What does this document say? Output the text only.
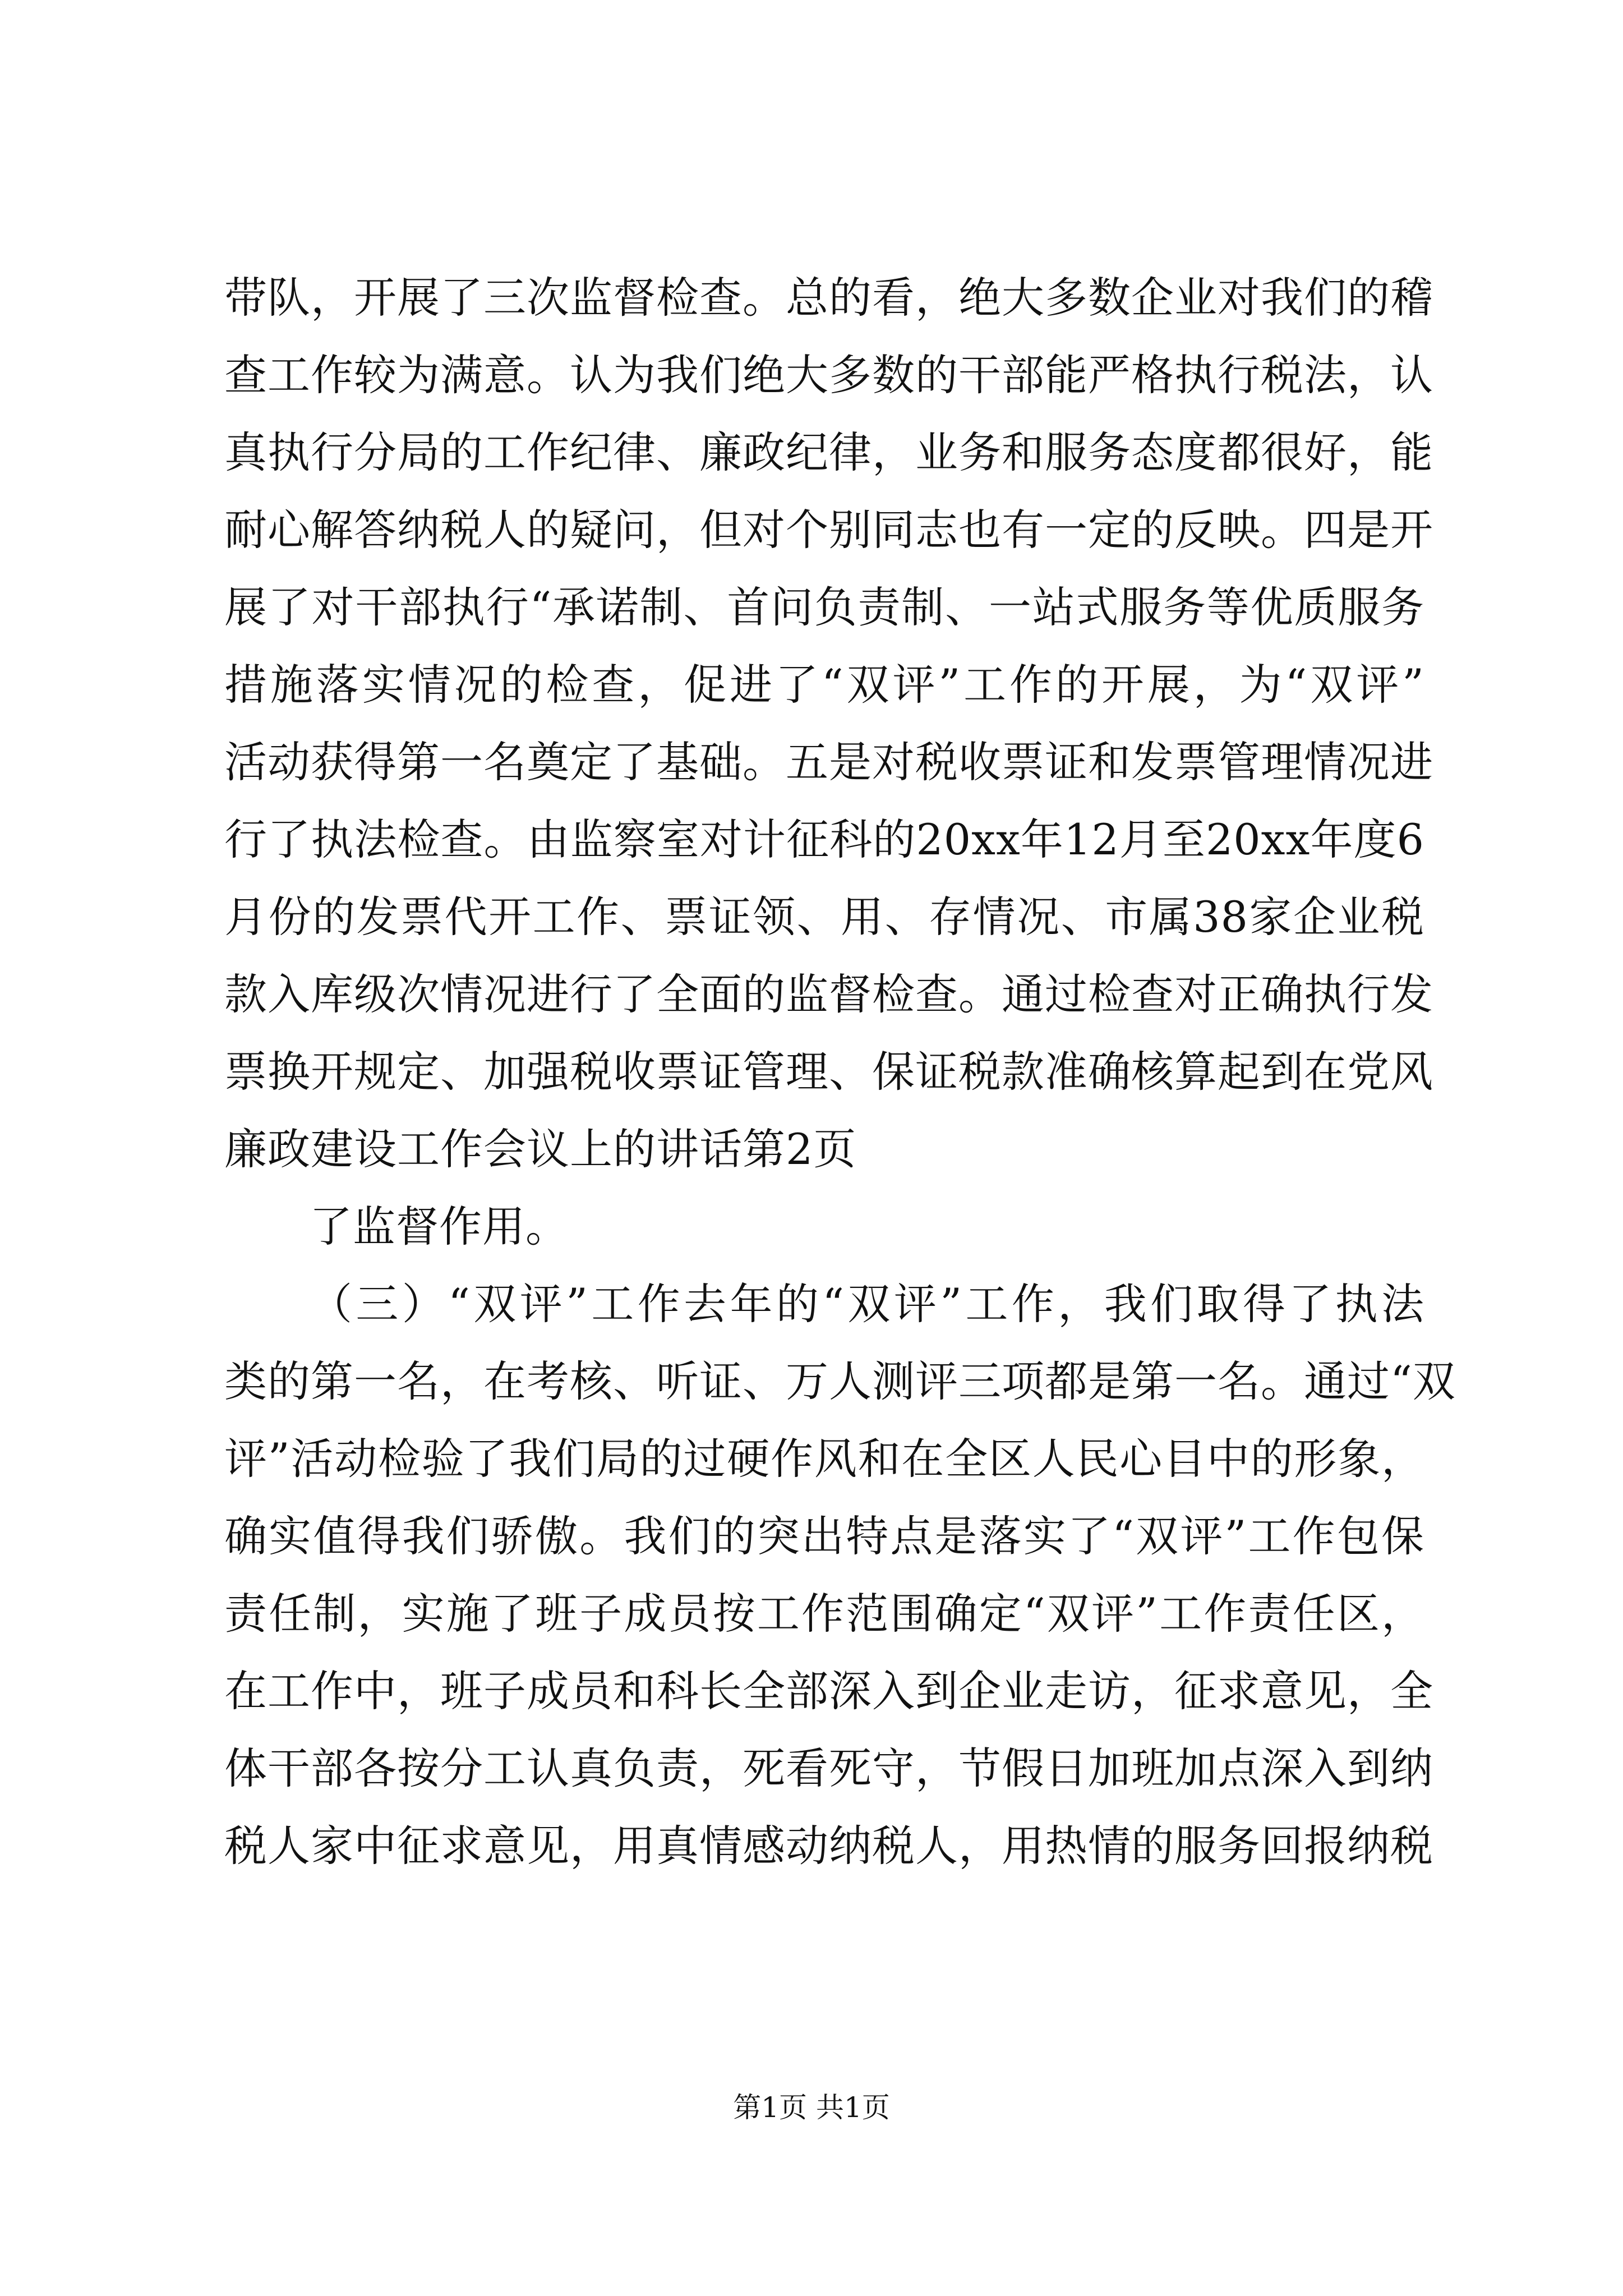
带队，开展了三次监督检查。总的看，绝大多数企业对我们的稽
查工作较为满意。认为我们绝大多数的干部能严格执行税法，认
真执行分局的工作纪律、廉政纪律，业务和服务态度都很好，能
耐心解答纳税人的疑问，但对个别同志也有一定的反映。四是开
展了对干部执行“承诺制、首问负责制、一站式服务等优质服务
措施落实情况的检查，促进了“双评”工作的开展，为“双评”
活动获得第一名奠定了基础。五是对税收票证和发票管理情况进
行了执法检查。由监察室对计征科的20xx年12月至20xx年度6
月份的发票代开工作、票证领、用、存情况、市属38家企业税
款入库级次情况进行了全面的监督检查。通过检查对正确执行发
票换开规定、加强税收票证管理、保证税款准确核算起到在党风
廉政建设工作会议上的讲话第2页
了监督作用。
（三）“双评”工作去年的“双评”工作，我们取得了执法
类的第一名，在考核、听证、万人测评三项都是第一名。通过“双
评”活动检验了我们局的过硬作风和在全区人民心目中的形象，
确实值得我们骄傲。我们的突出特点是落实了“双评”工作包保
责任制，实施了班子成员按工作范围确定“双评”工作责任区，
在工作中，班子成员和科长全部深入到企业走访，征求意见，全
体干部各按分工认真负责，死看死守，节假日加班加点深入到纳
税人家中征求意见，用真情感动纳税人，用热情的服务回报纳税
第1页 共1页
